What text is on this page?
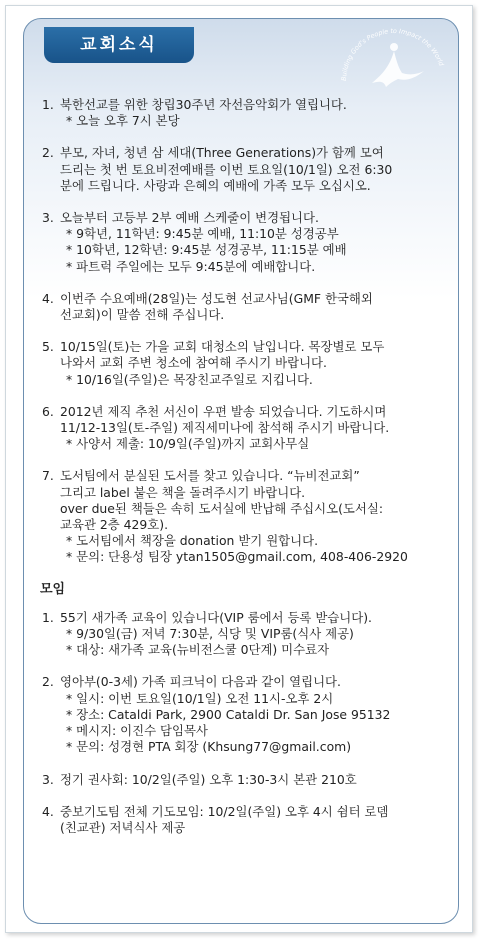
교회소식
Building God's People to Impact the World
1. 북한선교를 위한 창립30주년 자선음악회가 열립니다.
* 오늘 오후 7시 본당
2. 부모, 자녀, 청년 삼 세대(Three Generations)가 함께 모여
드리는 첫 번 토요비전예배를 이번 토요일(10/1일) 오전 6:30
분에 드립니다. 사랑과 은혜의 예배에 가족 모두 오십시오.
3. 오늘부터 고등부 2부 예배 스케줄이 변경됩니다.
* 9학년, 11학년: 9:45분 예배, 11:10분 성경공부
* 10학년, 12학년: 9:45분 성경공부, 11:15분 예배
* 파트럭 주일에는 모두 9:45분에 예배합니다.
4. 이번주 수요예배(28일)는 성도현 선교사님(GMF 한국해외
선교회)이 말씀 전해 주십니다.
5. 10/15일(토)는 가을 교회 대청소의 날입니다. 목장별로 모두
나와서 교회 주변 청소에 참여해 주시기 바랍니다.
* 10/16일(주일)은 목장친교주일로 지킵니다.
6. 2012년 제직 추천 서신이 우편 발송 되었습니다. 기도하시며
11/12-13일(토-주일) 제직세미나에 참석해 주시기 바랍니다.
* 사양서 제출: 10/9일(주일)까지 교회사무실
7. 도서팀에서 분실된 도서를 찾고 있습니다. “뉴비전교회”
그리고 label 붙은 책을 돌려주시기 바랍니다.
over due된 책들은 속히 도서실에 반납해 주십시오(도서실:
교육관 2층 429호).
* 도서팀에서 책장을 donation 받기 원합니다.
* 문의: 단용성 팀장 ytan1505@gmail.com, 408-406-2920
모임
1. 55기 새가족 교육이 있습니다(VIP 룸에서 등록 받습니다).
* 9/30일(금) 저녁 7:30분, 식당 및 VIP룸(식사 제공)
* 대상: 새가족 교육(뉴비전스쿨 0단계) 미수료자
2. 영아부(0-3세) 가족 피크닉이 다음과 같이 열립니다.
* 일시: 이번 토요일(10/1일) 오전 11시-오후 2시
* 장소: Cataldi Park, 2900 Cataldi Dr. San Jose 95132
* 메시지: 이진수 담임목사
* 문의: 성경현 PTA 회장 (Khsung77@gmail.com)
3. 정기 권사회: 10/2일(주일) 오후 1:30-3시 본관 210호
4. 중보기도팀 전체 기도모임: 10/2일(주일) 오후 4시 쉼터 로뎀
(친교관) 저녁식사 제공
